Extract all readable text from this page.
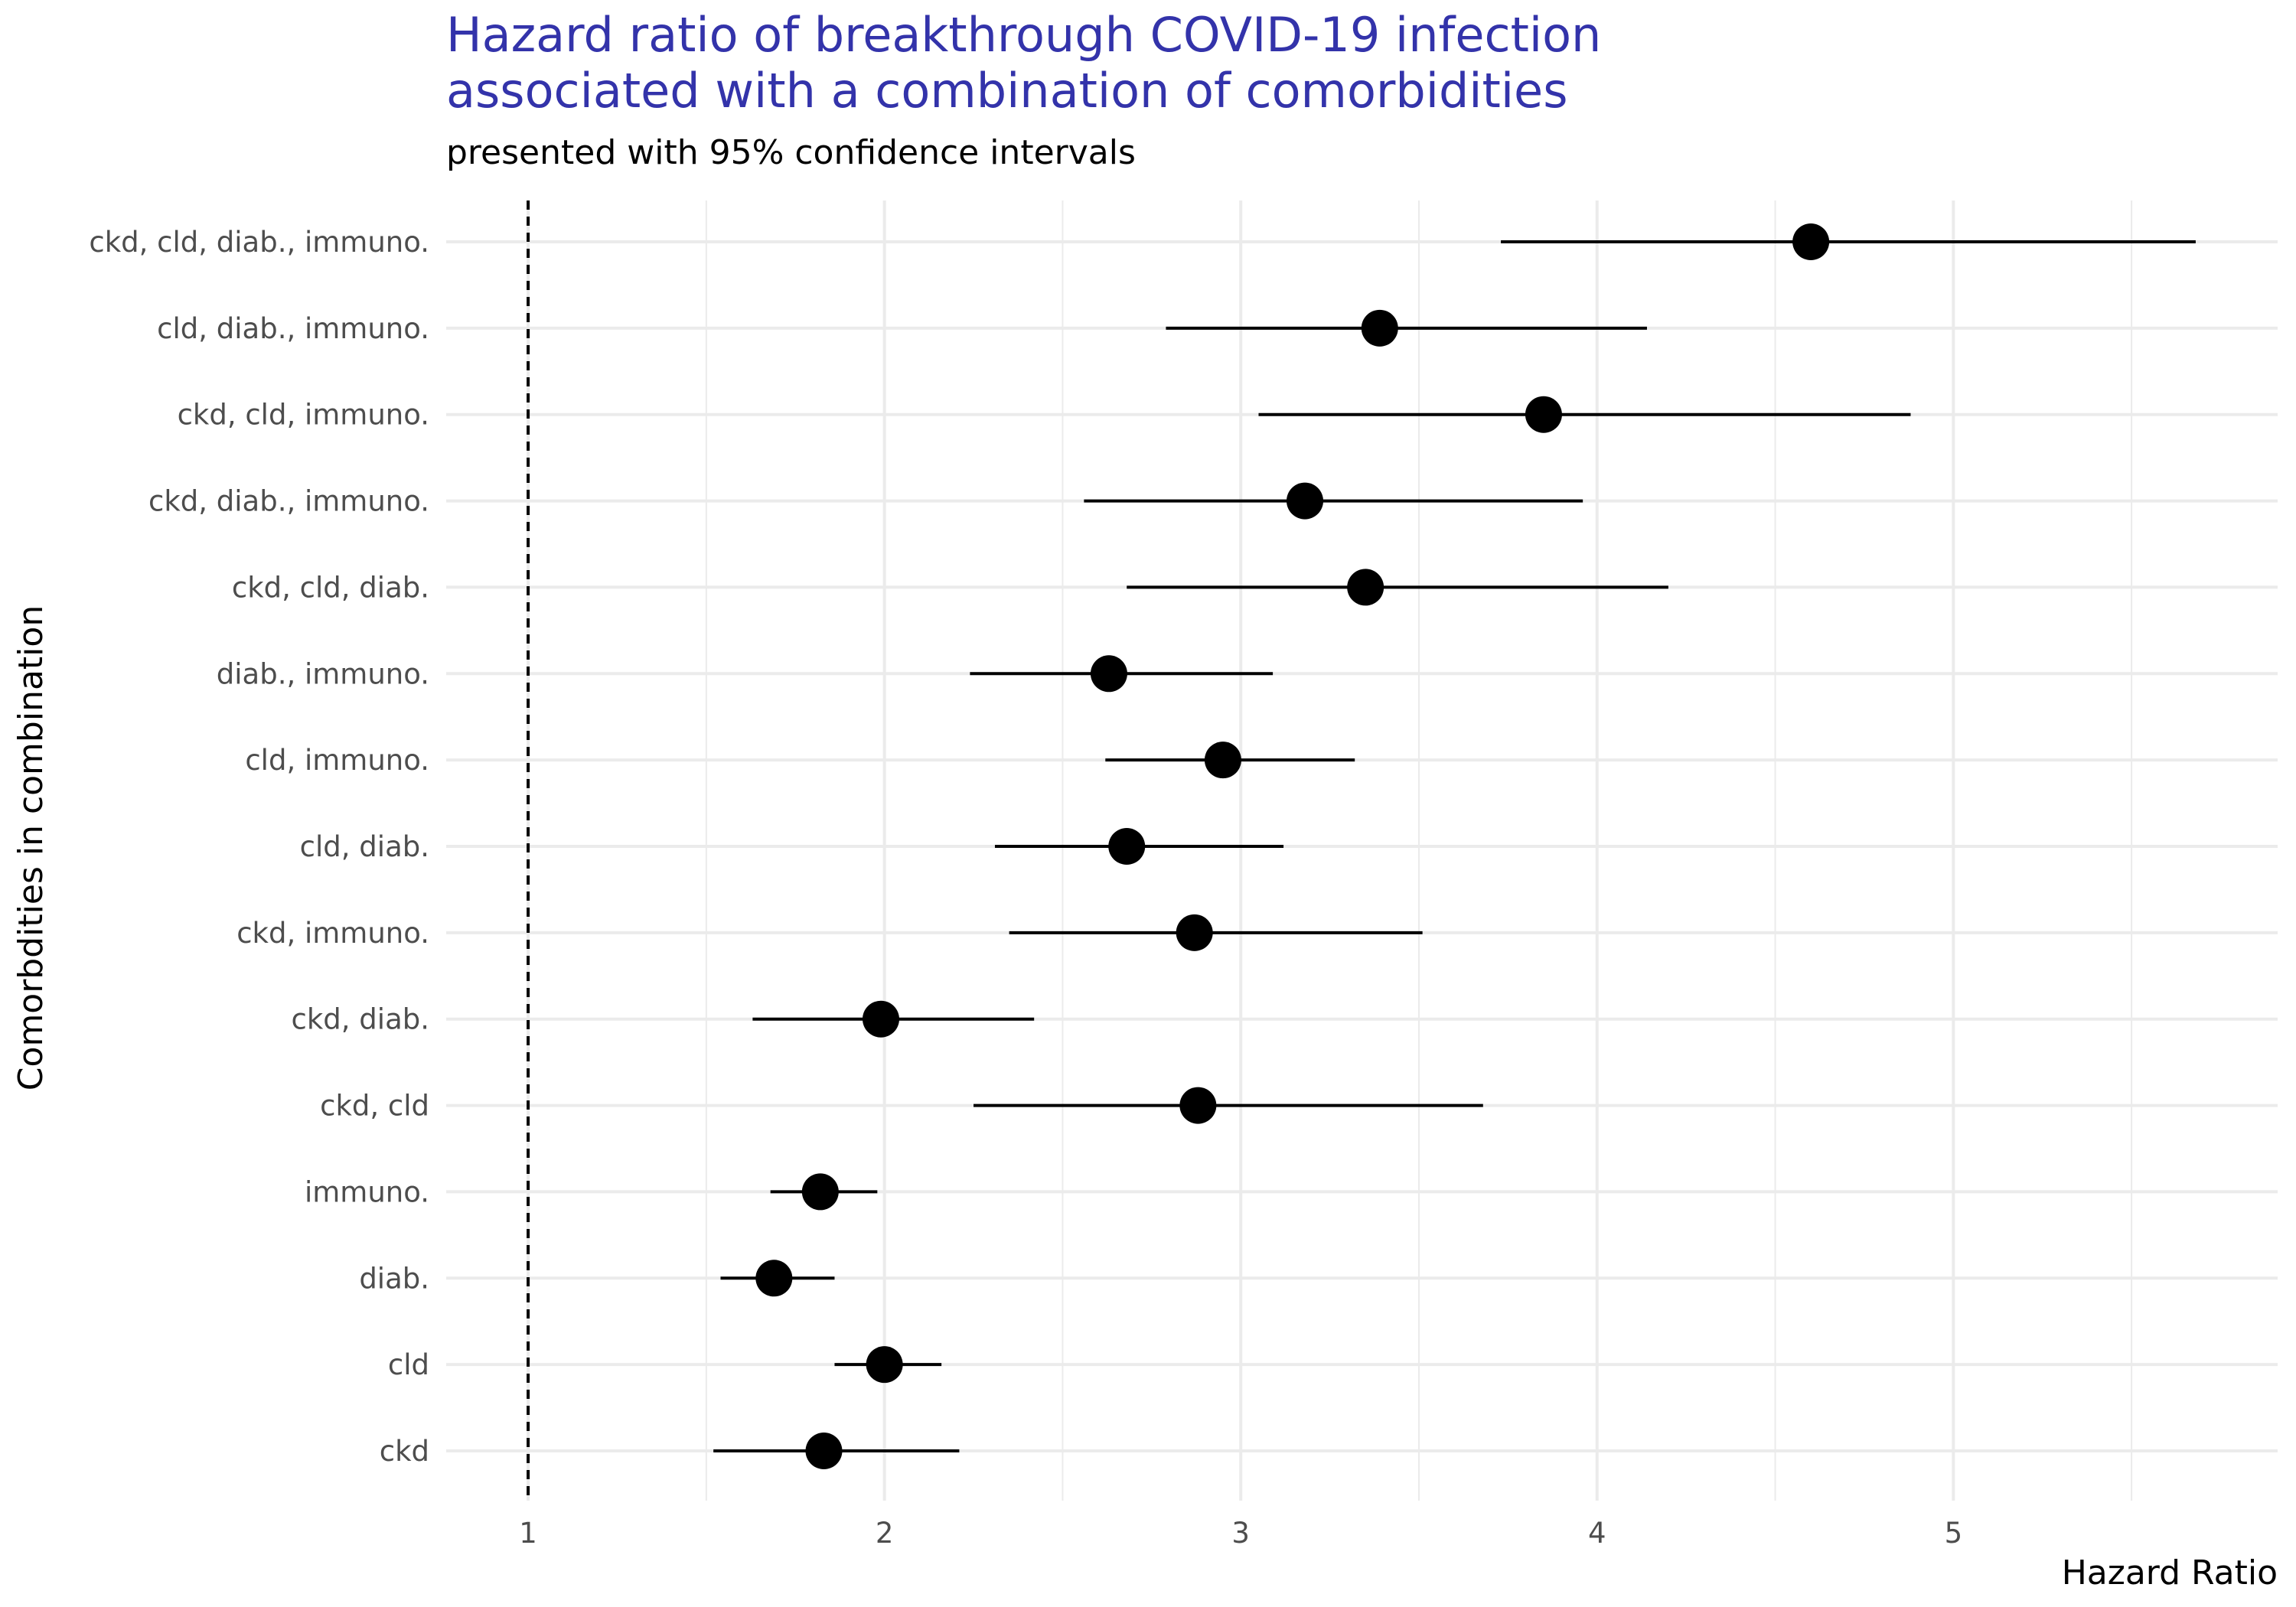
Hazard ratio of breakthrough COVID-19 infection
associated with a combination of comorbidities
presented with 95% confidence intervals
ckd, cld, diab., immuno.
cld, diab., immuno.
ckd, cld, immuno.
ckd, diab., immuno.
ckd, cld, diab.
diab., immuno.
cld, immuno.
cld, diab.
ckd, immuno.
ckd, diab.
ckd, cld
immuno.
diab.
cld
ckd
1	2	3	4	5
Hazard Ratio
Comorbdities in combination
